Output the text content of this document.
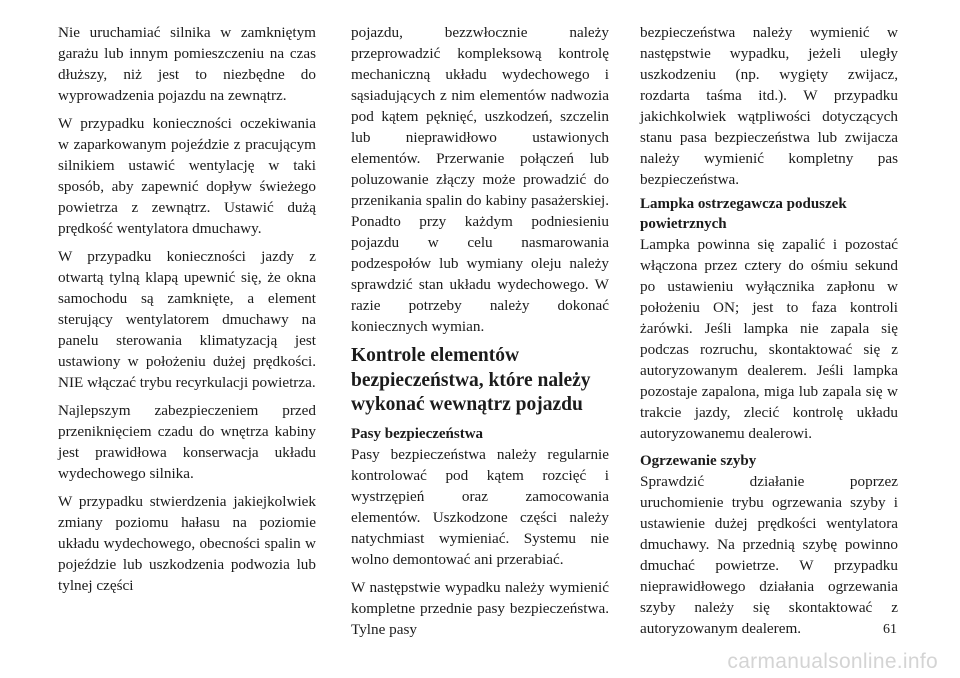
Nie uruchamiać silnika w zamkniętym garażu lub innym pomieszczeniu na czas dłuższy, niż jest to niezbędne do wyprowadzenia pojazdu na zewnątrz.

W przypadku konieczności oczekiwania w zaparkowanym pojeździe z pracującym silnikiem ustawić wentylację w taki sposób, aby zapewnić dopływ świeżego powietrza z zewnątrz. Ustawić dużą prędkość wentylatora dmuchawy.

W przypadku konieczności jazdy z otwartą tylną klapą upewnić się, że okna samochodu są zamknięte, a element sterujący wentylatorem dmuchawy na panelu sterowania klimatyzacją jest ustawiony w położeniu dużej prędkości. NIE włączać trybu recyrkulacji powietrza.

Najlepszym zabezpieczeniem przed przeniknięciem czadu do wnętrza kabiny jest prawidłowa konserwacja układu wydechowego silnika.

W przypadku stwierdzenia jakiejkolwiek zmiany poziomu hałasu na poziomie układu wydechowego, obecności spalin w pojeździe lub uszkodzenia podwozia lub tylnej części

pojazdu, bezzwłocznie należy przeprowadzić kompleksową kontrolę mechaniczną układu wydechowego i sąsiadujących z nim elementów nadwozia pod kątem pęknięć, uszkodzeń, szczelin lub nieprawidłowo ustawionych elementów. Przerwanie połączeń lub poluzowanie złączy może prowadzić do przenikania spalin do kabiny pasażerskiej. Ponadto przy każdym podniesieniu pojazdu w celu nasmarowania podzespołów lub wymiany oleju należy sprawdzić stan układu wydechowego. W razie potrzeby należy dokonać koniecznych wymian.

Kontrole elementów bezpieczeństwa, które należy wykonać wewnątrz pojazdu
Pasy bezpieczeństwa

Pasy bezpieczeństwa należy regularnie kontrolować pod kątem rozcięć i wystrzępień oraz zamocowania elementów. Uszkodzone części należy natychmiast wymieniać. Systemu nie wolno demontować ani przerabiać.

W następstwie wypadku należy wymienić kompletne przednie pasy bezpieczeństwa. Tylne pasy

bezpieczeństwa należy wymienić w następstwie wypadku, jeżeli uległy uszkodzeniu (np. wygięty zwijacz, rozdarta taśma itd.). W przypadku jakichkolwiek wątpliwości dotyczących stanu pasa bezpieczeństwa lub zwijacza należy wymienić kompletny pas bezpieczeństwa.

Lampka ostrzegawcza poduszek powietrznych

Lampka powinna się zapalić i pozostać włączona przez cztery do ośmiu sekund po ustawieniu wyłącznika zapłonu w położeniu ON; jest to faza kontroli żarówki. Jeśli lampka nie zapala się podczas rozruchu, skontaktować się z autoryzowanym dealerem. Jeśli lampka pozostaje zapalona, miga lub zapala się w trakcie jazdy, zlecić kontrolę układu autoryzowanemu dealerowi.

Ogrzewanie szyby

Sprawdzić działanie poprzez uruchomienie trybu ogrzewania szyby i ustawienie dużej prędkości wentylatora dmuchawy. Na przednią szybę powinno dmuchać powietrze. W przypadku nieprawidłowego działania ogrzewania szyby należy się skontaktować z autoryzowanym dealerem.	61
carmanualsonline.info
